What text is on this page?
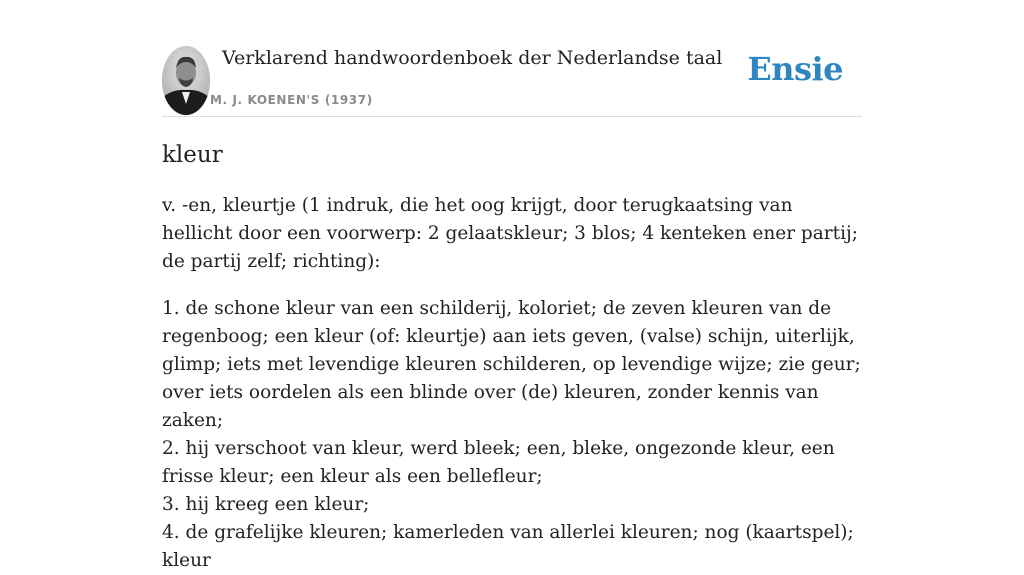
Verklarend handwoordenboek der Nederlandse taal
M. J. KOENEN'S (1937)
Ensie
kleur

v. -en, kleurtje (1 indruk, die het oog krijgt, door terugkaatsing van hellicht door een voorwerp: 2 gelaatskleur; 3 blos; 4 kenteken ener partij; de partij zelf; richting):

1. de schone kleur van een schilderij, koloriet; de zeven kleuren van de regenboog; een kleur (of: kleurtje) aan iets geven, (valse) schijn, uiterlijk, glimp; iets met levendige kleuren schilderen, op levendige wijze; zie geur; over iets oordelen als een blinde over (de) kleuren, zonder kennis van zaken;

2. hij verschoot van kleur, werd bleek; een, bleke, ongezonde kleur, een frisse kleur; een kleur als een bellefleur;

3. hij kreeg een kleur;

4. de grafelijke kleuren; kamerleden van allerlei kleuren; nog (kaartspel); kleur
